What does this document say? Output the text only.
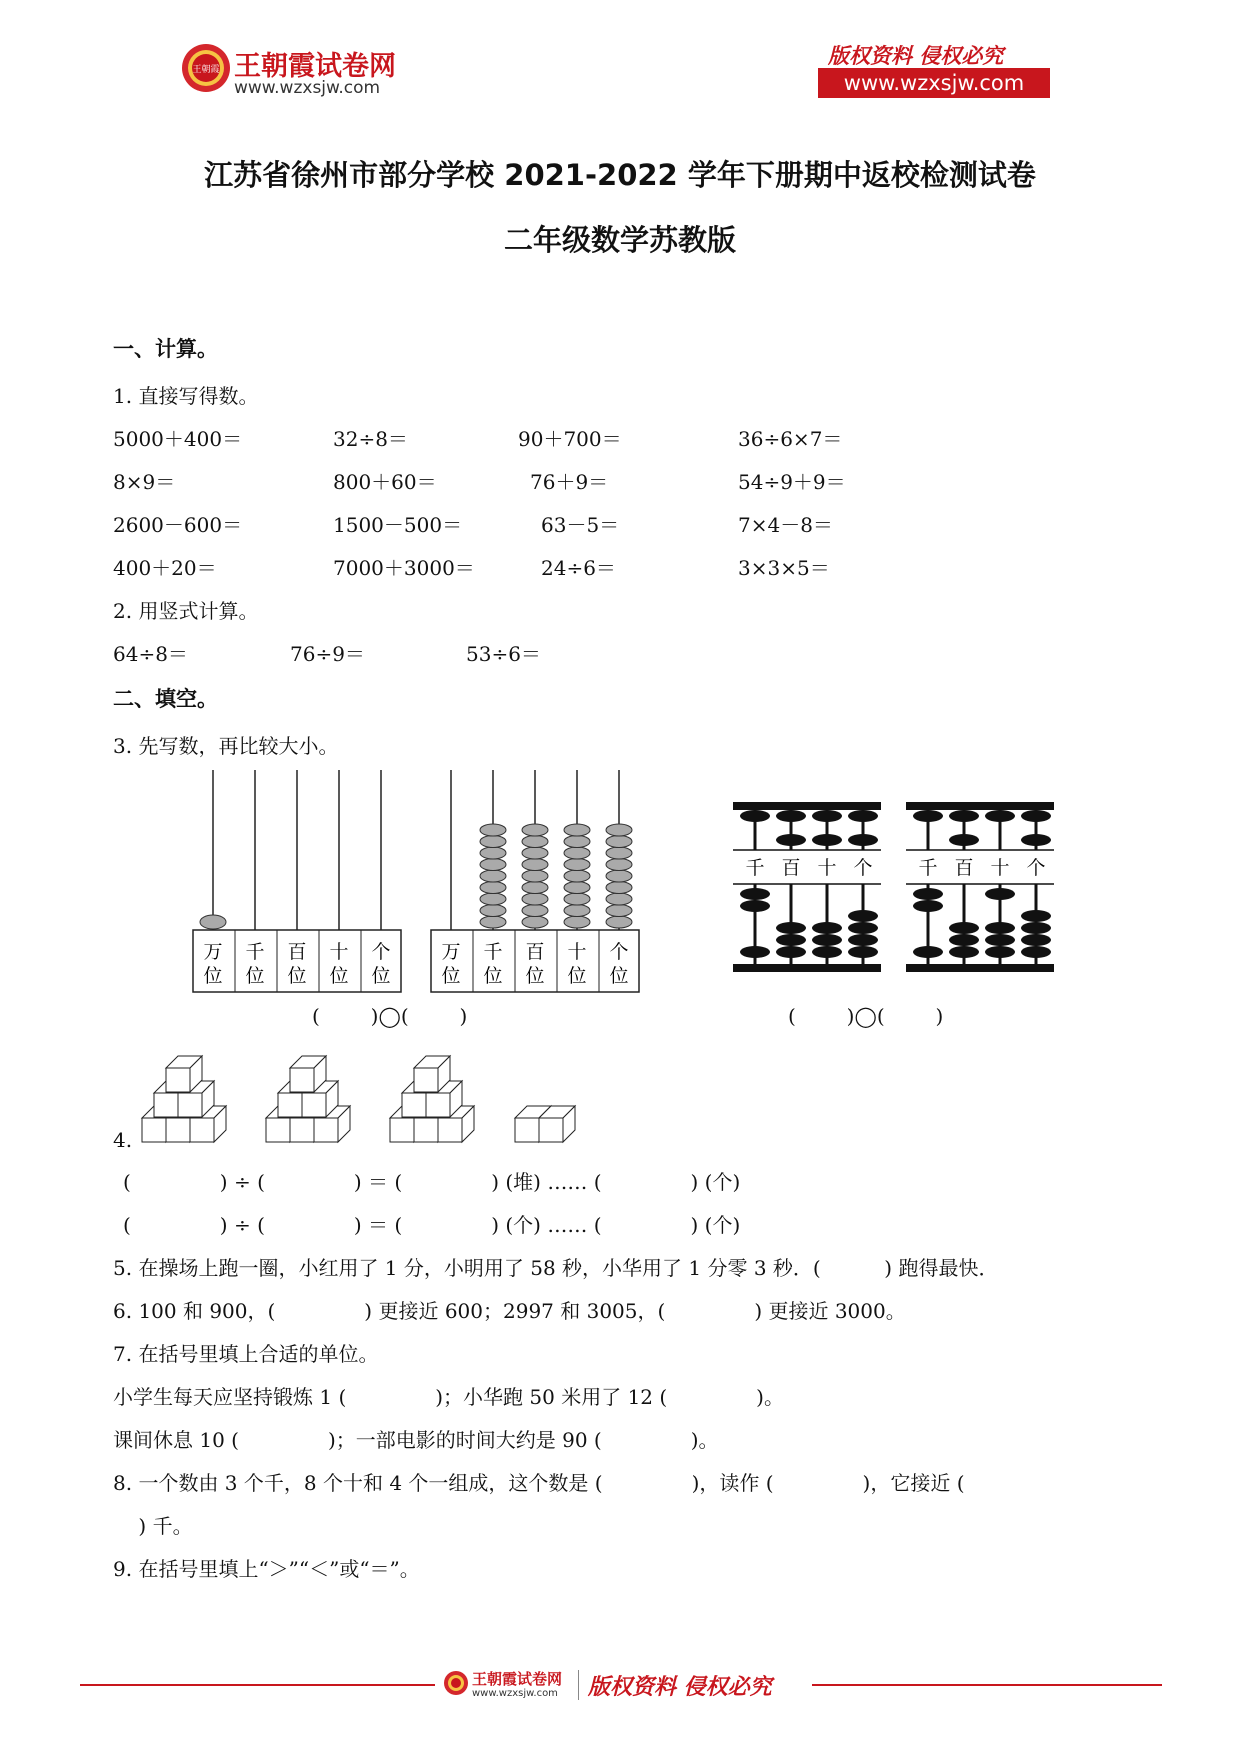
王朝霞 王朝霞试卷网
www.wzxsjw.com
版权资料 侵权必究
www.wzxsjw.com
江苏省徐州市部分学校 2021-2022 学年下册期中返校检测试卷
二年级数学苏教版
一、计算。
1. 直接写得数。
5000＋400＝	32÷8＝	90＋700＝	36÷6×7＝
8×9＝	800＋60＝	76＋9＝	54÷9＋9＝
2600－600＝	1500－500＝	63－5＝	7×4－8＝
400＋20＝	7000＋3000＝	24÷6＝	3×3×5＝
2. 用竖式计算。
64÷8＝	76÷9＝	53÷6＝
二、填空。
3. 先写数，再比较大小。
万
位
千
位
百
位
十
位
个
位
万
位
千
位
百
位
十
位
个
位
(        )◯(        )
千 百 十 个 千 百 十 个
(        )◯(        )
4.
(              ) ÷ (              ) ＝ (              ) (堆) …… (              ) (个)
(              ) ÷ (              ) ＝ (              ) (个) …… (              ) (个)
5. 在操场上跑一圈，小红用了 1 分，小明用了 58 秒，小华用了 1 分零 3 秒．(          ) 跑得最快．
6. 100 和 900，(              ) 更接近 600；2997 和 3005，(              ) 更接近 3000。
7. 在括号里填上合适的单位。
小学生每天应坚持锻炼 1 (              )；小华跑 50 米用了 12 (              )。
课间休息 10 (              )；一部电影的时间大约是 90 (              )。
8. 一个数由 3 个千，8 个十和 4 个一组成，这个数是 (              )，读作 (              )，它接近 (
) 千。
9. 在括号里填上“＞”“＜”或“＝”。
王朝霞试卷网
www.wzxsjw.com 版权资料 侵权必究
